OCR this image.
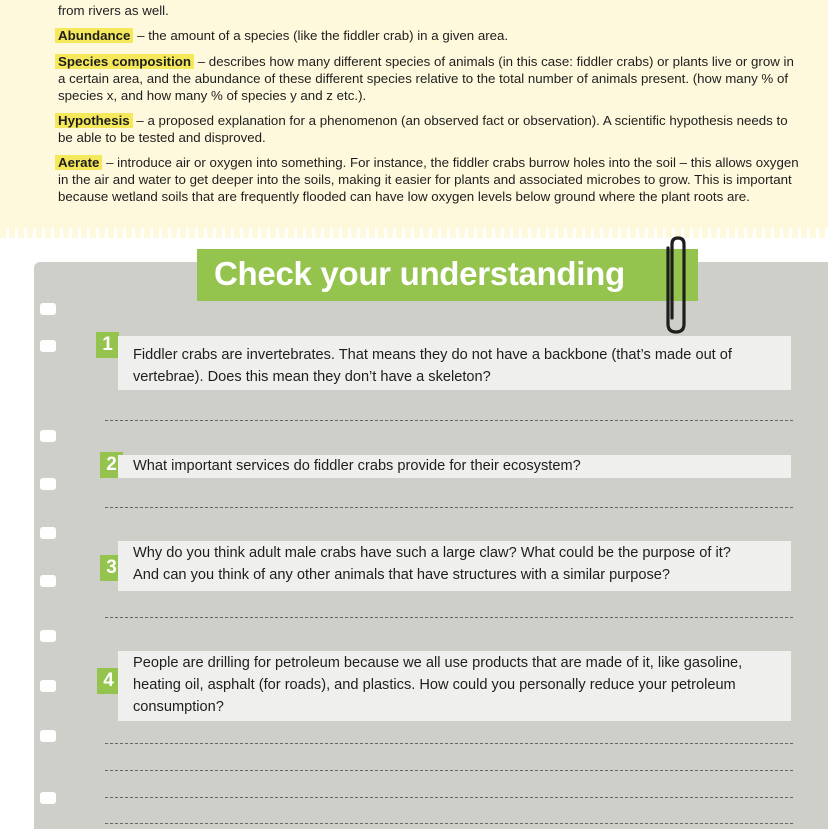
from rivers as well.
Abundance – the amount of a species (like the fiddler crab) in a given area.
Species composition – describes how many different species of animals (in this case: fiddler crabs) or plants live or grow in
a certain area, and the abundance of these different species relative to the total number of animals present. (how many % of
species x, and how many % of species y and z etc.).
Hypothesis – a proposed explanation for a phenomenon (an observed fact or observation). A scientific hypothesis needs to
be able to be tested and disproved.
Aerate – introduce air or oxygen into something. For instance, the fiddler crabs burrow holes into the soil – this allows oxygen
in the air and water to get deeper into the soils, making it easier for plants and associated microbes to grow. This is important
because wetland soils that are frequently flooded can have low oxygen levels below ground where the plant roots are.
Check your understanding
1	Fiddler crabs are invertebrates. That means they do not have a backbone (that’s made out of
vertebrae). Does this mean they don’t have a skeleton?
2	What important services do fiddler crabs provide for their ecosystem?
3
Why do you think adult male crabs have such a large claw? What could be the purpose of it?
And can you think of any other animals that have structures with a similar purpose?
4
People are drilling for petroleum because we all use products that are made of it, like gasoline,
heating oil, asphalt (for roads), and plastics. How could you personally reduce your petroleum
consumption?
